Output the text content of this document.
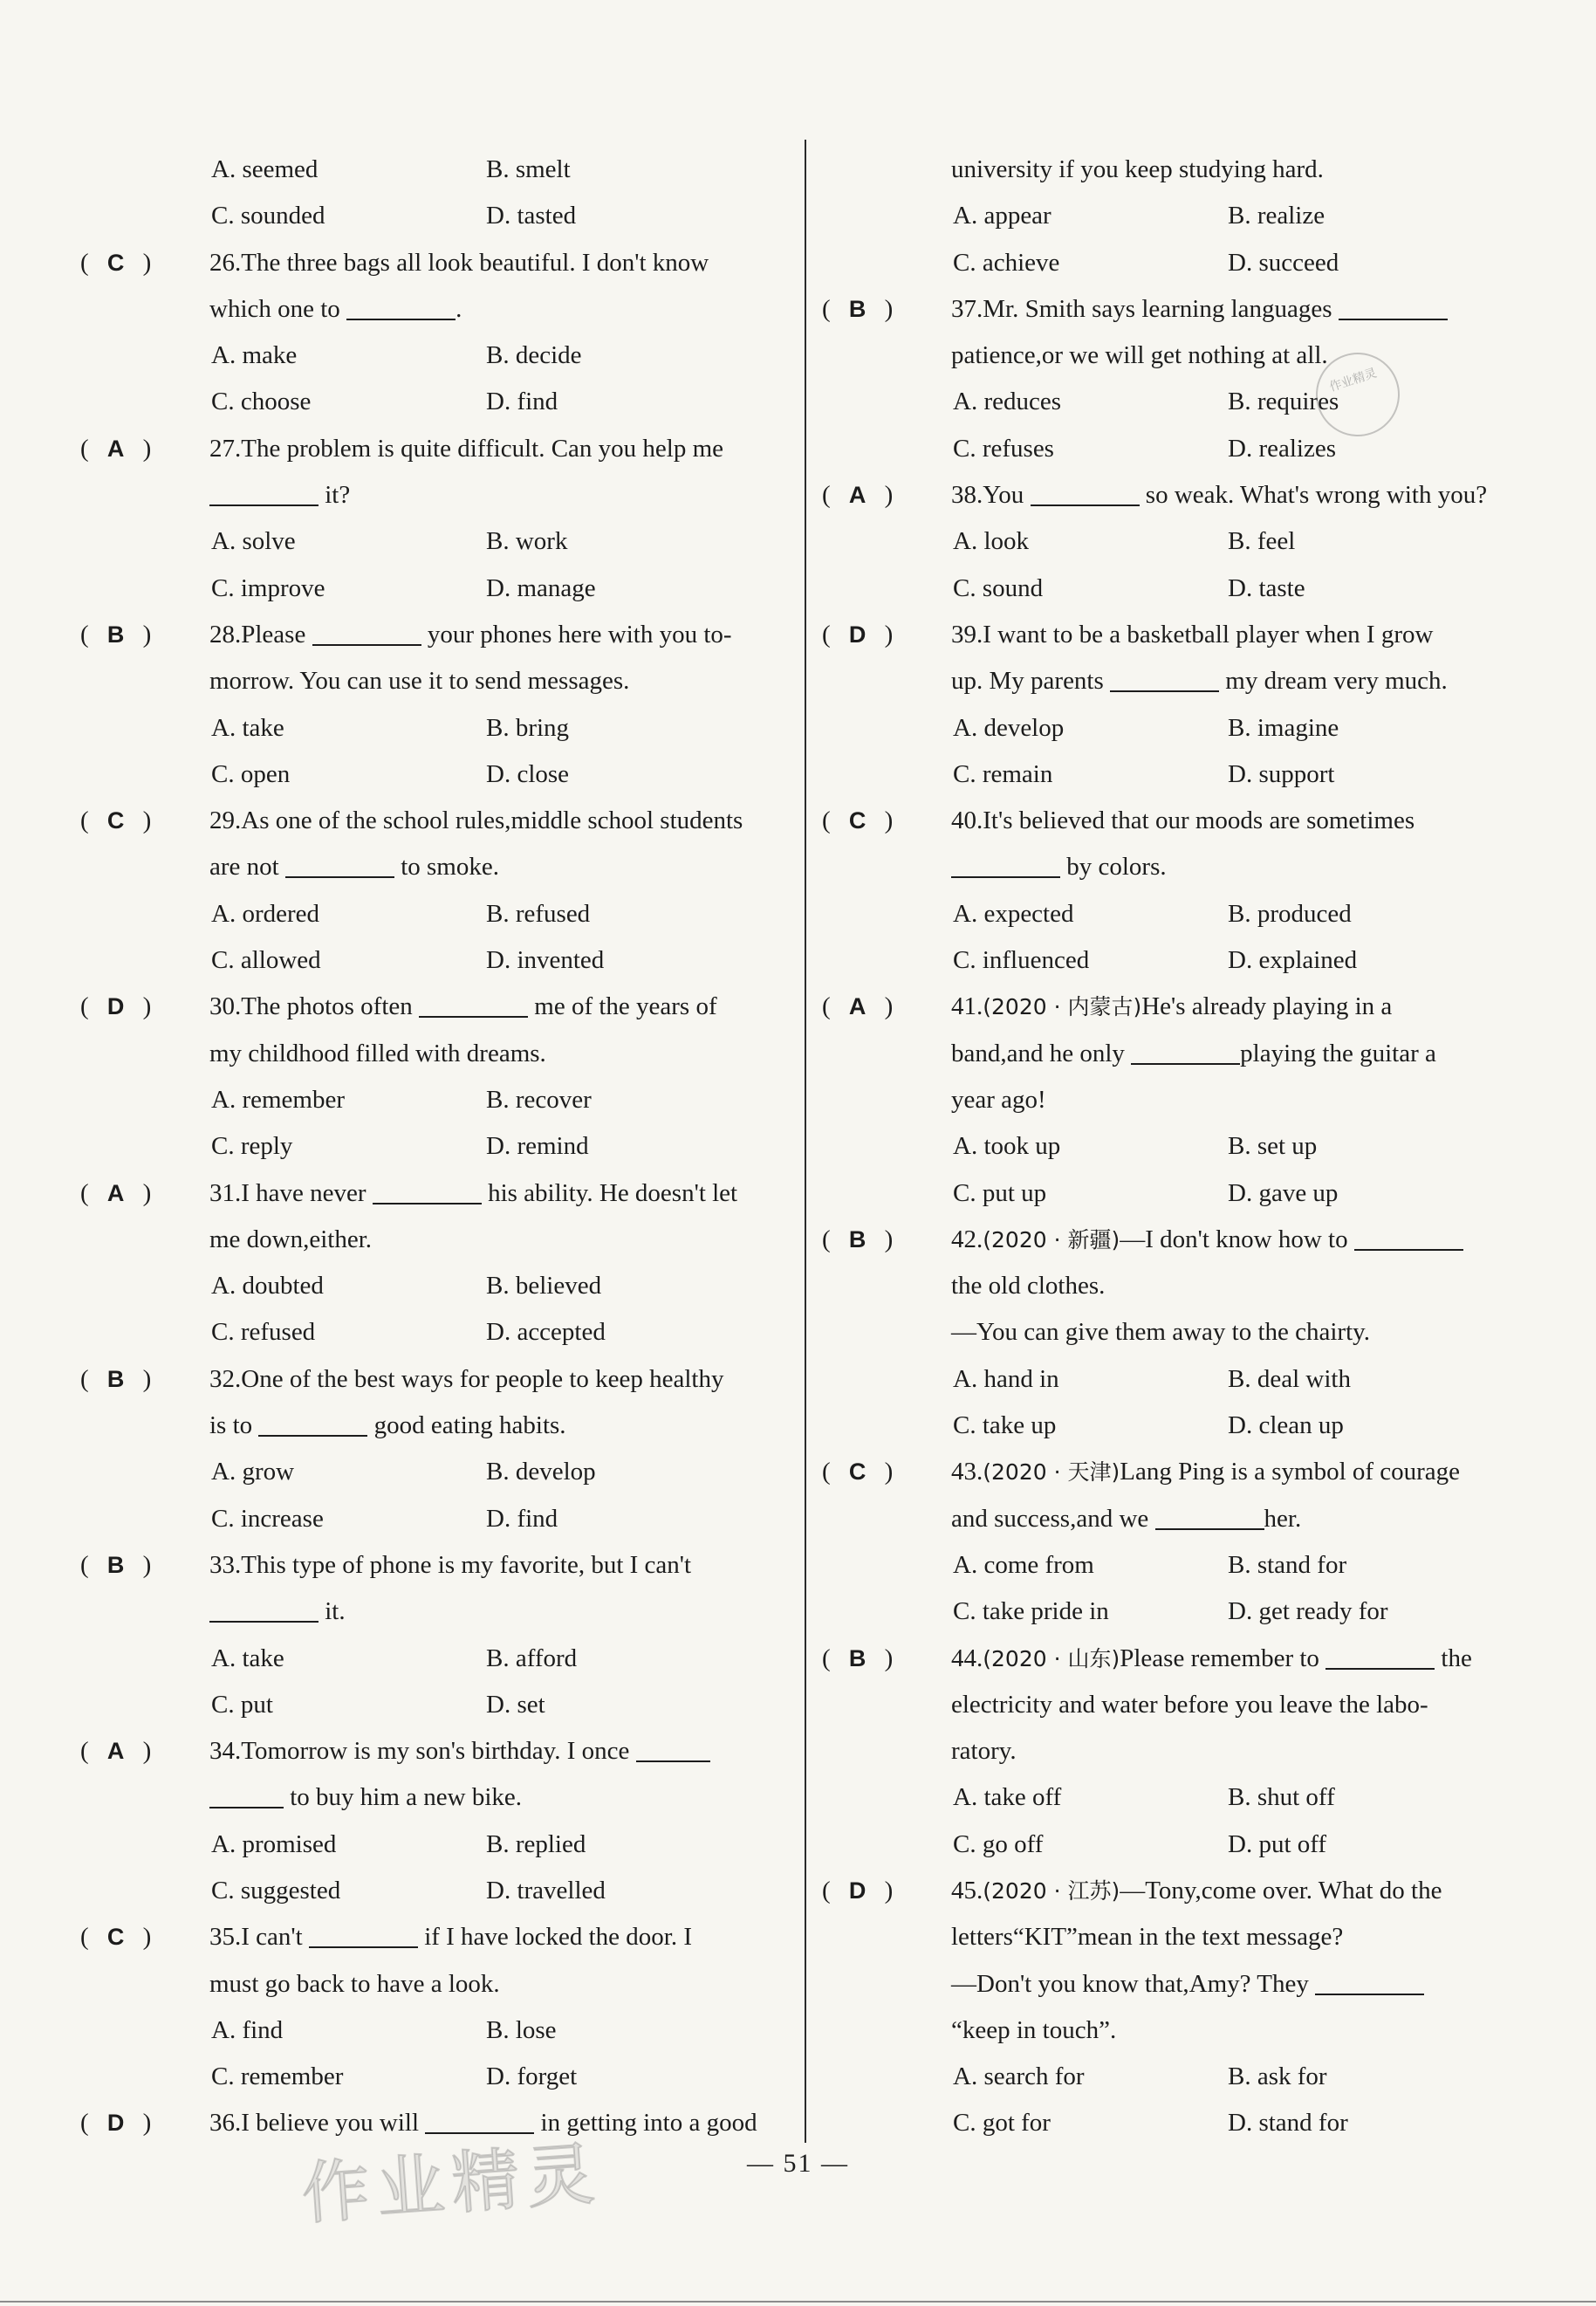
A. seemed	B. smelt
C. sounded	D. tasted
( C ) 26.The three bags all look beautiful. I don't know
which one to	.
A. make	B. decide
C. choose	D. find
( A ) 27.The problem is quite difficult. Can you help me
it?
A. solve	B. work
C. improve	D. manage
( B ) 28.Please	your phones here with you to-
morrow. You can use it to send messages.
A. take	B. bring
C. open	D. close
( C ) 29.As one of the school rules,middle school students
are not	to smoke.
A. ordered	B. refused
C. allowed	D. invented
( D ) 30.The photos often	me of the years of
my childhood filled with dreams.
A. remember	B. recover
C. reply	D. remind
( A ) 31.I have never	his ability. He doesn't let
me down,either.
A. doubted	B. believed
C. refused	D. accepted
( B ) 32.One of the best ways for people to keep healthy
is to	good eating habits.
A. grow	B. develop
C. increase	D. find
( B ) 33.This type of phone is my favorite, but I can't
it.
A. take	B. afford
C. put	D. set
( A ) 34.Tomorrow is my son's birthday. I once
to buy him a new bike.
A. promised	B. replied
C. suggested	D. travelled
( C ) 35.I can't	if I have locked the door. I
must go back to have a look.
A. find	B. lose
C. remember	D. forget
( D ) 36.I believe you will	in getting into a good
university if you keep studying hard.
A. appear	B. realize
C. achieve	D. succeed
( B ) 37.Mr. Smith says learning languages
patience,or we will get nothing at all.
A. reduces	B. requires
C. refuses	D. realizes
( A ) 38.You	so weak. What's wrong with you?
A. look	B. feel
C. sound	D. taste
( D ) 39.I want to be a basketball player when I grow
up. My parents	my dream very much.
A. develop	B. imagine
C. remain	D. support
( C ) 40.It's believed that our moods are sometimes
by colors.
A. expected	B. produced
C. influenced	D. explained
( A ) 41.(2020 · 内蒙古)He's already playing in a
band,and he only	playing the guitar a
year ago!
A. took up	B. set up
C. put up	D. gave up
( B ) 42.(2020 · 新疆)—I don't know how to
the old clothes.
—You can give them away to the chairty.
A. hand in	B. deal with
C. take up	D. clean up
( C ) 43.(2020 · 天津)Lang Ping is a symbol of courage
and success,and we	her.
A. come from	B. stand for
C. take pride in	D. get ready for
( B ) 44.(2020 · 山东)Please remember to	the
electricity and water before you leave the labo-
ratory.
A. take off	B. shut off
C. go off	D. put off
( D ) 45.(2020 · 江苏)—Tony,come over. What do the
letters“KIT”mean in the text message?
—Don't you know that,Amy? They
“keep in touch”.
A. search for	B. ask for
C. got for	D. stand for
作业精灵
作业精灵	— 51 —
